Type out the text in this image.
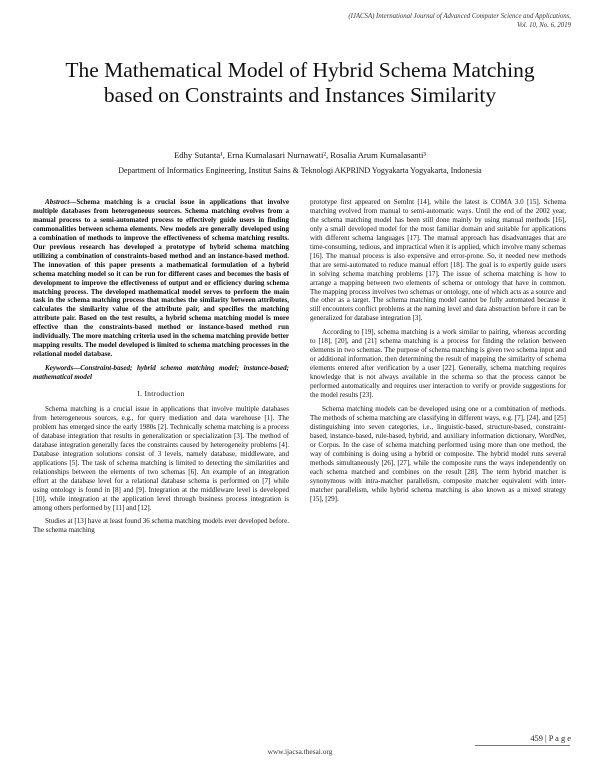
(IJACSA) International Journal of Advanced Computer Science and Applications,
Vol. 10, No. 6, 2019
The Mathematical Model of Hybrid Schema Matching based on Constraints and Instances Similarity
Edhy Sutanta¹, Erna Kumalasari Nurnawati², Rosalia Arum Kumalasanti³
Department of Informatics Engineering, Institut Sains & Teknologi AKPRIND Yogyakarta Yogyakarta, Indonesia

Abstract—Schema matching is a crucial issue in applications that involve multiple databases from heterogeneous sources. Schema matching evolves from a manual process to a semi-automated process to effectively guide users in finding commonalities between schema elements. New models are generally developed using a combination of methods to improve the effectiveness of schema matching results. Our previous research has developed a prototype of hybrid schema matching utilizing a combination of constraints-based method and an instance-based method. The innovation of this paper presents a mathematical formulation of a hybrid schema matching model so it can be run for different cases and becomes the basis of development to improve the effectiveness of output and or efficiency during schema matching process. The developed mathematical model serves to perform the main task in the schema matching process that matches the similarity between attributes, calculates the similarity value of the attribute pair, and specifies the matching attribute pair. Based on the test results, a hybrid schema matching model is more effective than the constraints-based method or instance-based method run individually. The more matching criteria used in the schema matching provide better mapping results. The model developed is limited to schema matching processes in the relational model database.

Keywords—Constraint-based; hybrid schema matching model; instance-based; mathematical model

I. Introduction

Schema matching is a crucial issue in applications that involve multiple databases from heterogeneous sources, e.g., for query mediation and data warehouse [1]. The problem has emerged since the early 1980s [2]. Technically schema matching is a process of database integration that results in generalization or specialization [3]. The method of database integration generally faces the constraints caused by heterogeneity problems [4]. Database integration solutions consist of 3 levels, namely database, middleware, and applications [5]. The task of schema matching is limited to detecting the similarities and relationships between the elements of two schemas [6]. An example of an integration effort at the database level for a relational database schema is performed on [7] while using ontology is found in [8] and [9]. Integration at the middleware level is developed [10], while integration at the application level through business process integration is among others performed by [11] and [12].

Studies at [13] have at least found 36 schema matching models ever developed before. The schema matching

prototype first appeared on SemInt [14], while the latest is COMA 3.0 [15]. Schema matching evolved from manual to semi-automatic ways. Until the end of the 2002 year, the schema matching model has been still done mainly by using manual methods [16], only a small developed model for the most familiar domain and suitable for applications with different schema languages [17]. The manual approach has disadvantages that are time-consuming, tedious, and impractical when it is applied, which involve many schemas [16]. The manual process is also expensive and error-prone. So, it needed new methods that are semi-automated to reduce manual effort [18]. The goal is to expertly guide users in solving schema matching problems [17]. The issue of schema matching is how to arrange a mapping between two elements of schema or ontology that have in common. The mapping process involves two schemas or ontology, one of which acts as a source and the other as a target. The schema matching model cannot be fully automated because it still encounters conflict problems at the naming level and data abstraction before it can be generalized for database integration [3].

According to [19], schema matching is a work similar to pairing, whereas according to [18], [20], and [21] schema matching is a process for finding the relation between elements in two schemas. The purpose of schema matching is given two schema input and or additional information, then determining the result of mapping the similarity of schema elements entered after verification by a user [22]. Generally, schema matching requires knowledge that is not always available in the schema so that the process cannot be performed automatically and requires user interaction to verify or provide suggestions for the model results [23].

Schema matching models can be developed using one or a combination of methods. The methods of schema matching are classifying in different ways, e.g. [7], [24], and [25] distinguishing into seven categories, i.e., linguistic-based, structure-based, constraint-based, instance-based, rule-based, hybrid, and auxiliary information dictionary, WordNet, or Corpus. In the case of schema matching performed using more than one method, the way of combining is doing using a hybrid or composite. The hybrid model runs several methods simultaneously [26], [27], while the composite runs the ways independently on each schema matched and combines on the result [28]. The term hybrid matcher is synonymous with intra-matcher parallelism, composite matcher equivalent with inter-matcher parallelism, while hybrid schema matching is also known as a mixed strategy [15], [29].

459 | P a g e
www.ijacsa.thesai.org
